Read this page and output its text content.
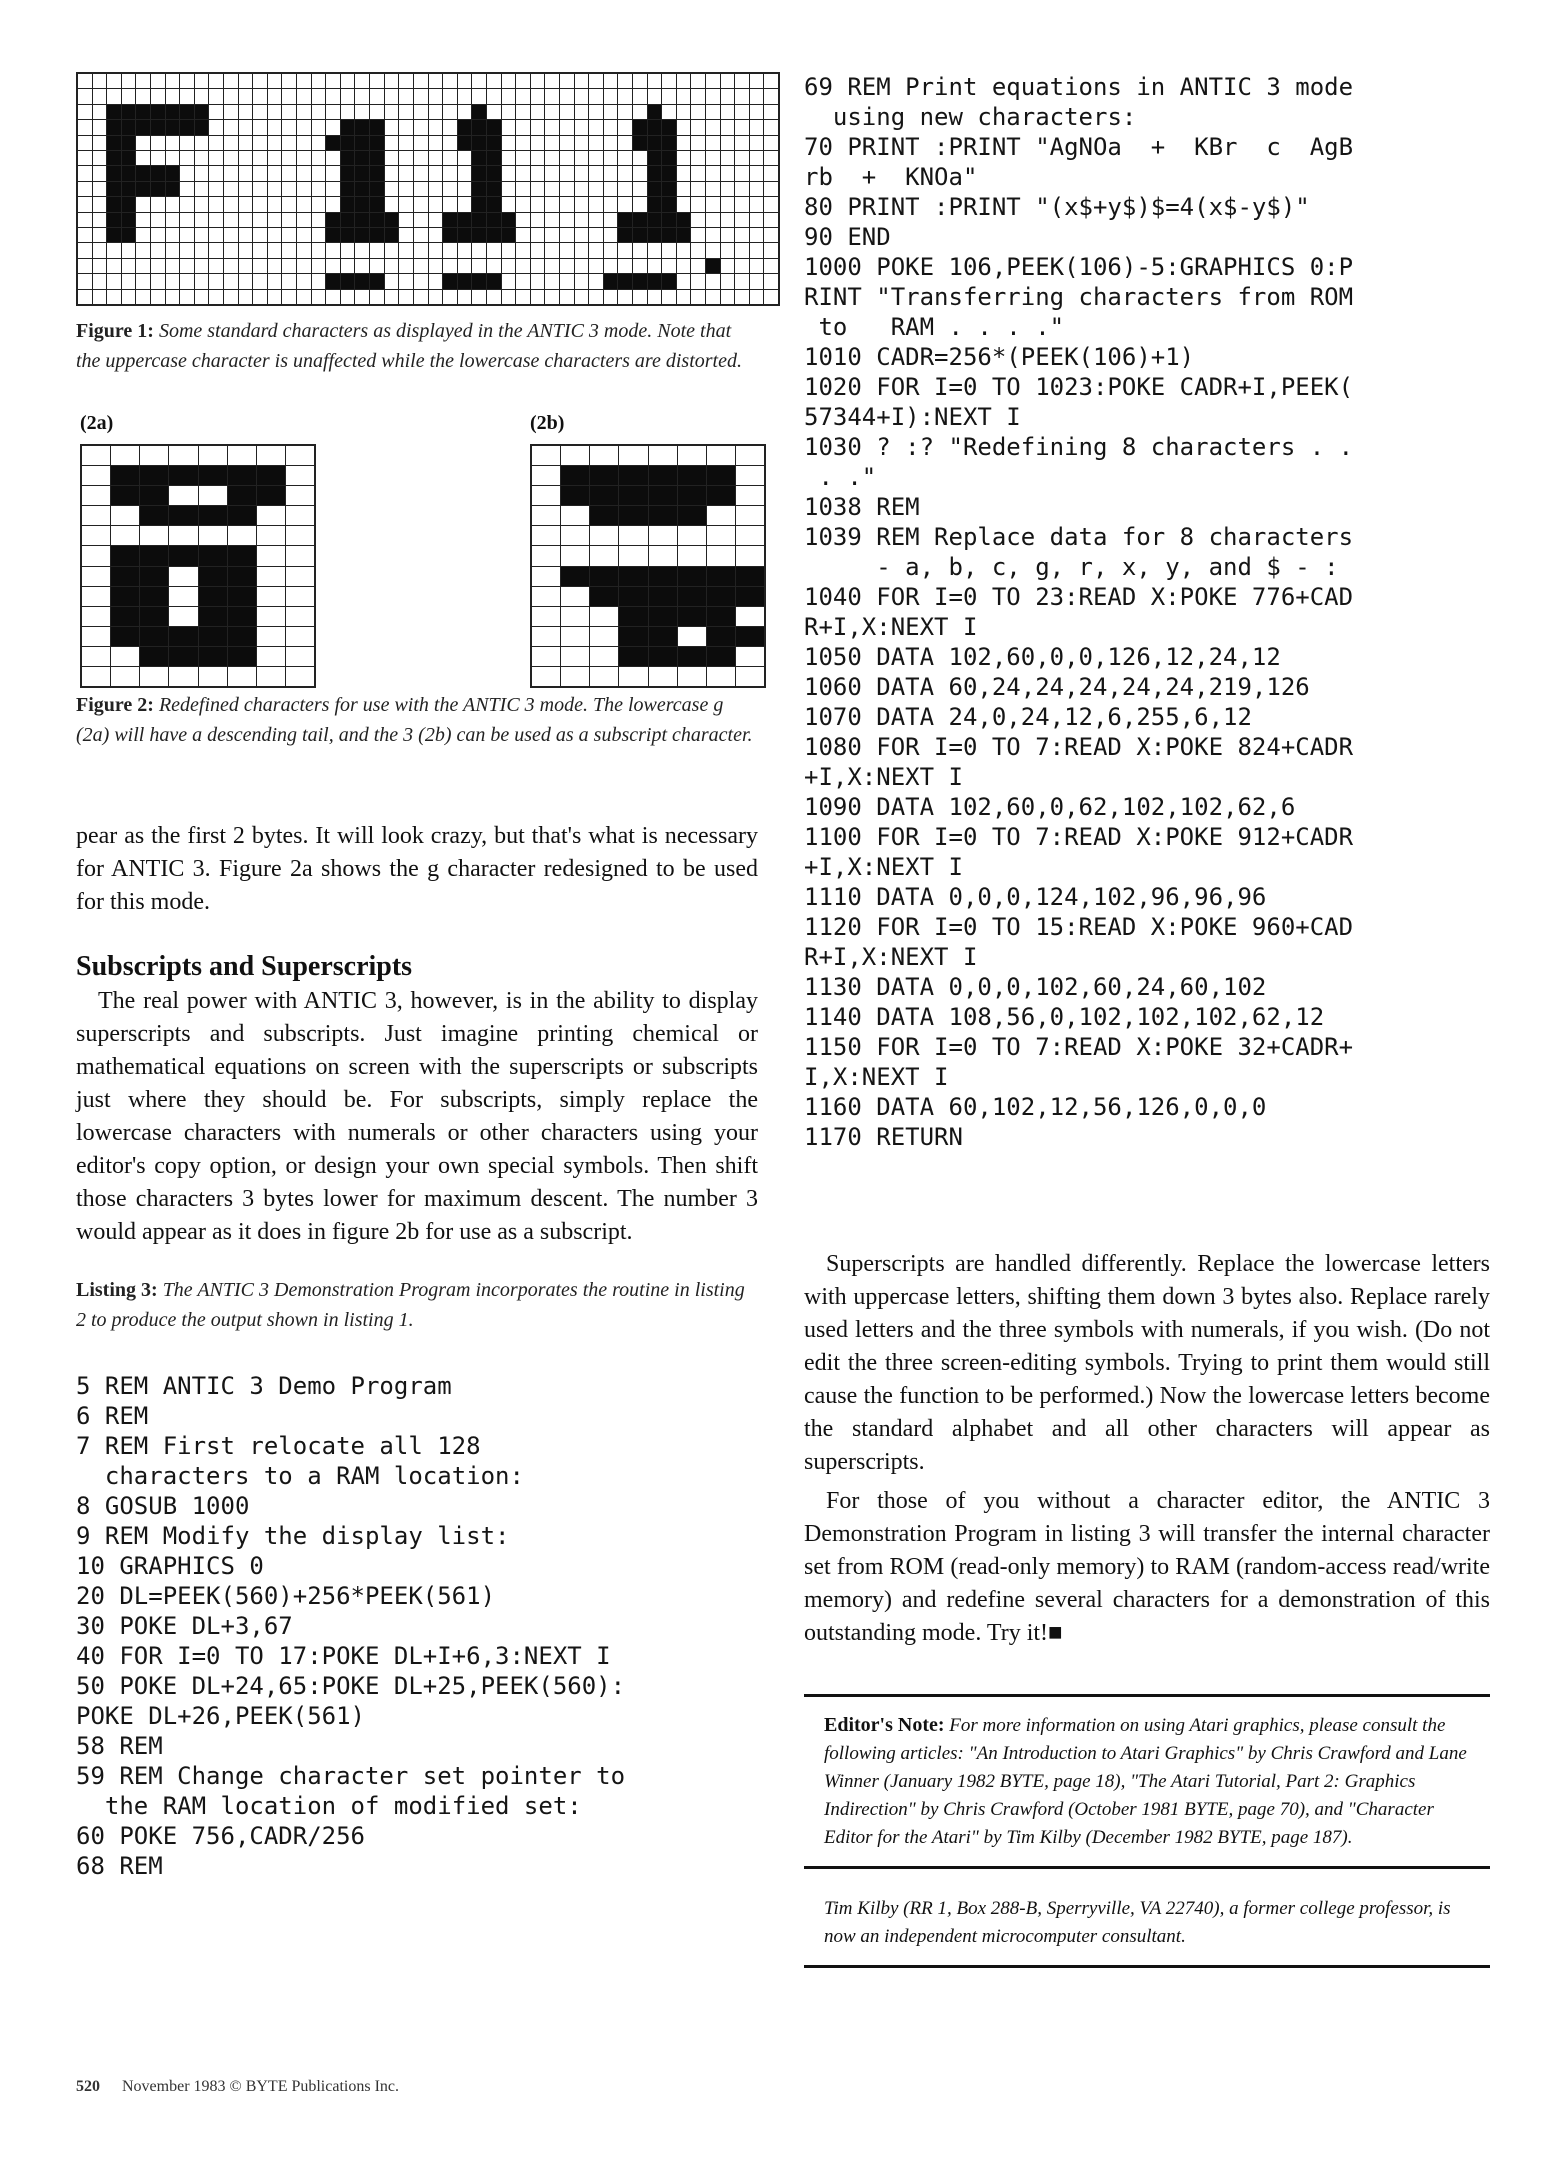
Figure 1: Some standard characters as displayed in the ANTIC 3 mode. Note that the uppercase character is unaffected while the lowercase characters are distorted.

(2a)	(2b)

Figure 2: Redefined characters for use with the ANTIC 3 mode. The lowercase g (2a) will have a descending tail, and the 3 (2b) can be used as a subscript character.

pear as the first 2 bytes. It will look crazy, but that's what is necessary for ANTIC 3. Figure 2a shows the g character redesigned to be used for this mode.

Subscripts and Superscripts

The real power with ANTIC 3, however, is in the ability to display superscripts and subscripts. Just imagine printing chemical or mathematical equations on screen with the superscripts or subscripts just where they should be. For subscripts, simply replace the lowercase characters with numerals or other characters using your editor's copy option, or design your own special symbols. Then shift those characters 3 bytes lower for maximum descent. The number 3 would appear as it does in figure 2b for use as a subscript.

Listing 3: The ANTIC 3 Demonstration Program incorporates the routine in listing 2 to produce the output shown in listing 1.

5 REM ANTIC 3 Demo Program
6 REM
7 REM First relocate all 128
characters to a RAM location:
8 GOSUB 1000
9 REM Modify the display list:
10 GRAPHICS 0
20 DL=PEEK(560)+256*PEEK(561)
30 POKE DL+3,67
40 FOR I=0 TO 17:POKE DL+I+6,3:NEXT I
50 POKE DL+24,65:POKE DL+25,PEEK(560):
POKE DL+26,PEEK(561)
58 REM
59 REM Change character set pointer to
the RAM location of modified set:
60 POKE 756,CADR/256
68 REM
69 REM Print equations in ANTIC 3 mode
using new characters:
70 PRINT :PRINT "AgNOa  +  KBr  c  AgB
rb  +  KNOa"
80 PRINT :PRINT "(x$+y$)$=4(x$-y$)"
90 END
1000 POKE 106,PEEK(106)-5:GRAPHICS 0:P
RINT "Transferring characters from ROM
to   RAM . . . ."
1010 CADR=256*(PEEK(106)+1)
1020 FOR I=0 TO 1023:POKE CADR+I,PEEK(
57344+I):NEXT I
1030 ? :? "Redefining 8 characters . .
. ."
1038 REM
1039 REM Replace data for 8 characters
- a, b, c, g, r, x, y, and $ - :
1040 FOR I=0 TO 23:READ X:POKE 776+CAD
R+I,X:NEXT I
1050 DATA 102,60,0,0,126,12,24,12
1060 DATA 60,24,24,24,24,24,219,126
1070 DATA 24,0,24,12,6,255,6,12
1080 FOR I=0 TO 7:READ X:POKE 824+CADR
+I,X:NEXT I
1090 DATA 102,60,0,62,102,102,62,6
1100 FOR I=0 TO 7:READ X:POKE 912+CADR
+I,X:NEXT I
1110 DATA 0,0,0,124,102,96,96,96
1120 FOR I=0 TO 15:READ X:POKE 960+CAD
R+I,X:NEXT I
1130 DATA 0,0,0,102,60,24,60,102
1140 DATA 108,56,0,102,102,102,62,12
1150 FOR I=0 TO 7:READ X:POKE 32+CADR+
I,X:NEXT I
1160 DATA 60,102,12,56,126,0,0,0
1170 RETURN

Superscripts are handled differently. Replace the lowercase letters with uppercase letters, shifting them down 3 bytes also. Replace rarely used letters and the three symbols with numerals, if you wish. (Do not edit the three screen-editing symbols. Trying to print them would still cause the function to be performed.) Now the lowercase letters become the standard alphabet and all other characters will appear as superscripts.

For those of you without a character editor, the ANTIC 3 Demonstration Program in listing 3 will transfer the internal character set from ROM (read-only memory) to RAM (random-access read/write memory) and redefine several characters for a demonstration of this outstanding mode. Try it!■

Editor's Note: For more information on using Atari graphics, please consult the following articles: "An Introduction to Atari Graphics" by Chris Crawford and Lane Winner (January 1982 BYTE, page 18), "The Atari Tutorial, Part 2: Graphics Indirection" by Chris Crawford (October 1981 BYTE, page 70), and "Character Editor for the Atari" by Tim Kilby (December 1982 BYTE, page 187).
Tim Kilby (RR 1, Box 288-B, Sperryville, VA 22740), a former college professor, is now an independent microcomputer consultant.
520 November 1983 © BYTE Publications Inc.
